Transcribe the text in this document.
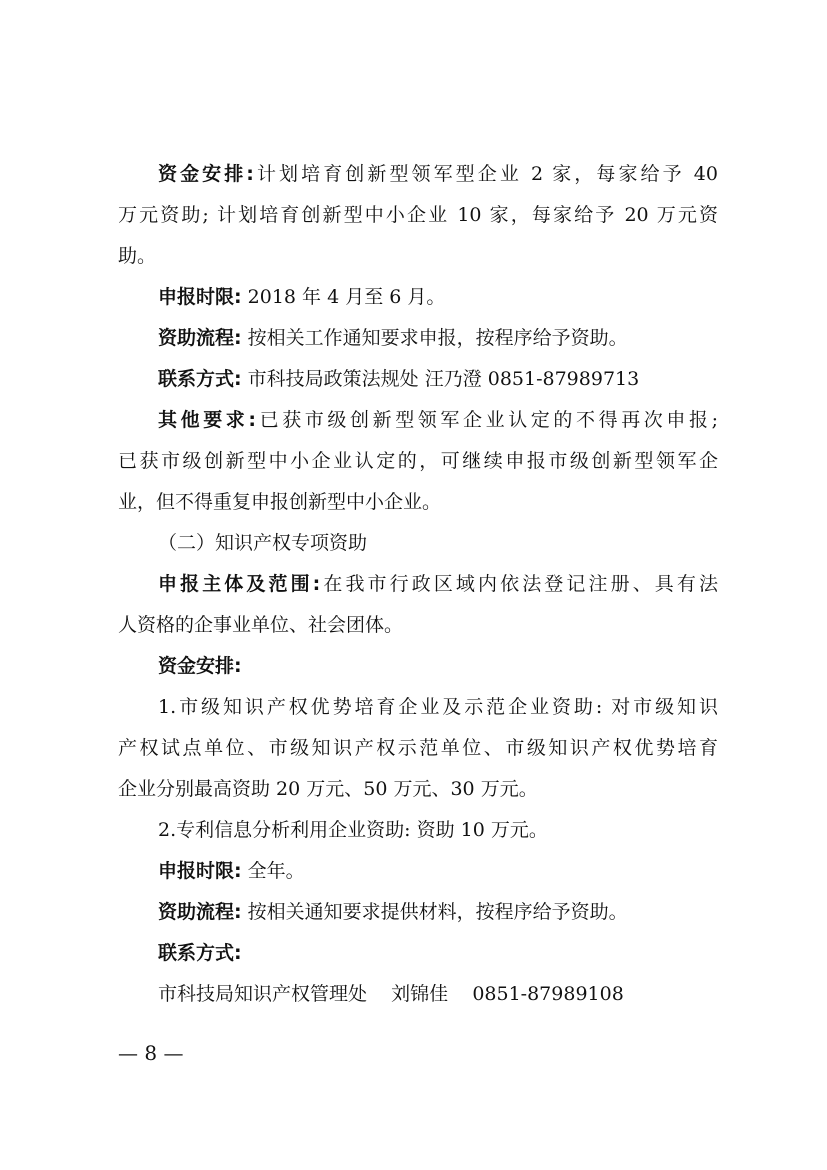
资金安排:计划培育创新型领军型企业 2 家，每家给予 40
万元资助; 计划培育创新型中小企业 10 家，每家给予 20 万元资
助。
申报时限: 2018 年 4 月至 6 月。
资助流程: 按相关工作通知要求申报，按程序给予资助。
联系方式: 市科技局政策法规处 汪乃澄 0851-87989713
其他要求:已获市级创新型领军企业认定的不得再次申报;
已获市级创新型中小企业认定的，可继续申报市级创新型领军企
业，但不得重复申报创新型中小企业。
（二）知识产权专项资助
申报主体及范围:在我市行政区域内依法登记注册、具有法
人资格的企事业单位、社会团体。
资金安排:
1.市级知识产权优势培育企业及示范企业资助: 对市级知识
产权试点单位、市级知识产权示范单位、市级知识产权优势培育
企业分别最高资助 20 万元、50 万元、30 万元。
2.专利信息分析利用企业资助: 资助 10 万元。
申报时限: 全年。
资助流程: 按相关通知要求提供材料，按程序给予资助。
联系方式:
市科技局知识产权管理处    刘锦佳    0851-87989108
— 8 —
